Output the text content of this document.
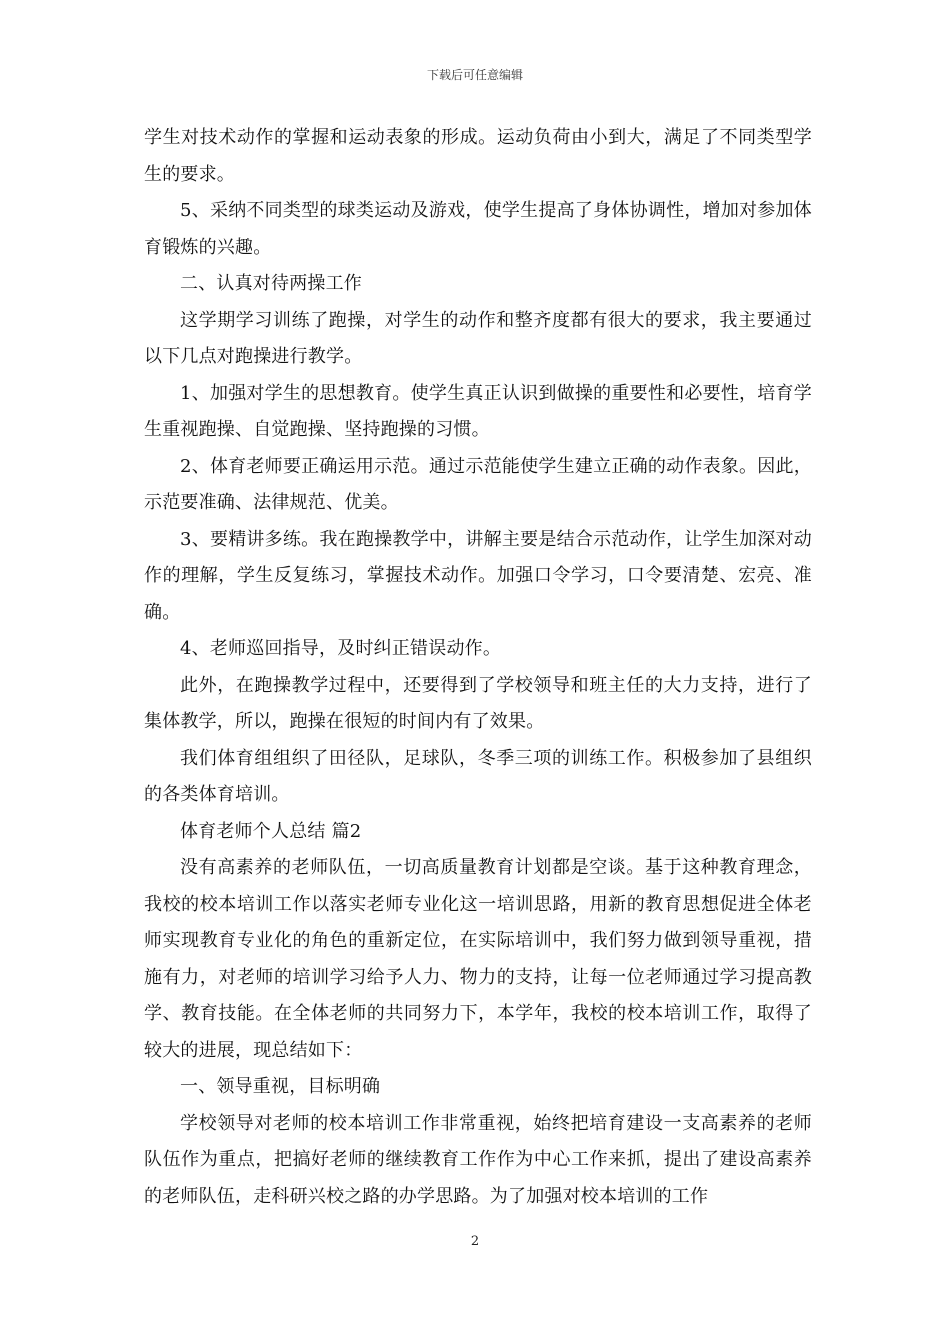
下载后可任意编辑

学生对技术动作的掌握和运动表象的形成。运动负荷由小到大，满足了不同类型学生的要求。

5、采纳不同类型的球类运动及游戏，使学生提高了身体协调性，增加对参加体育锻炼的兴趣。

二、认真对待两操工作

这学期学习训练了跑操，对学生的动作和整齐度都有很大的要求，我主要通过以下几点对跑操进行教学。

1、加强对学生的思想教育。使学生真正认识到做操的重要性和必要性，培育学生重视跑操、自觉跑操、坚持跑操的习惯。

2、体育老师要正确运用示范。通过示范能使学生建立正确的动作表象。因此，示范要准确、法律规范、优美。

3、要精讲多练。我在跑操教学中，讲解主要是结合示范动作，让学生加深对动作的理解，学生反复练习，掌握技术动作。加强口令学习，口令要清楚、宏亮、准确。

4、老师巡回指导，及时纠正错误动作。

此外，在跑操教学过程中，还要得到了学校领导和班主任的大力支持，进行了集体教学，所以，跑操在很短的时间内有了效果。

我们体育组组织了田径队，足球队，冬季三项的训练工作。积极参加了县组织的各类体育培训。

体育老师个人总结 篇2

没有高素养的老师队伍，一切高质量教育计划都是空谈。基于这种教育理念，我校的校本培训工作以落实老师专业化这一培训思路，用新的教育思想促进全体老师实现教育专业化的角色的重新定位，在实际培训中，我们努力做到领导重视，措施有力，对老师的培训学习给予人力、物力的支持，让每一位老师通过学习提高教学、教育技能。在全体老师的共同努力下，本学年，我校的校本培训工作，取得了较大的进展，现总结如下：

一、领导重视，目标明确

学校领导对老师的校本培训工作非常重视，始终把培育建设一支高素养的老师队伍作为重点，把搞好老师的继续教育工作作为中心工作来抓，提出了建设高素养的老师队伍，走科研兴校之路的办学思路。为了加强对校本培训的工作

2
